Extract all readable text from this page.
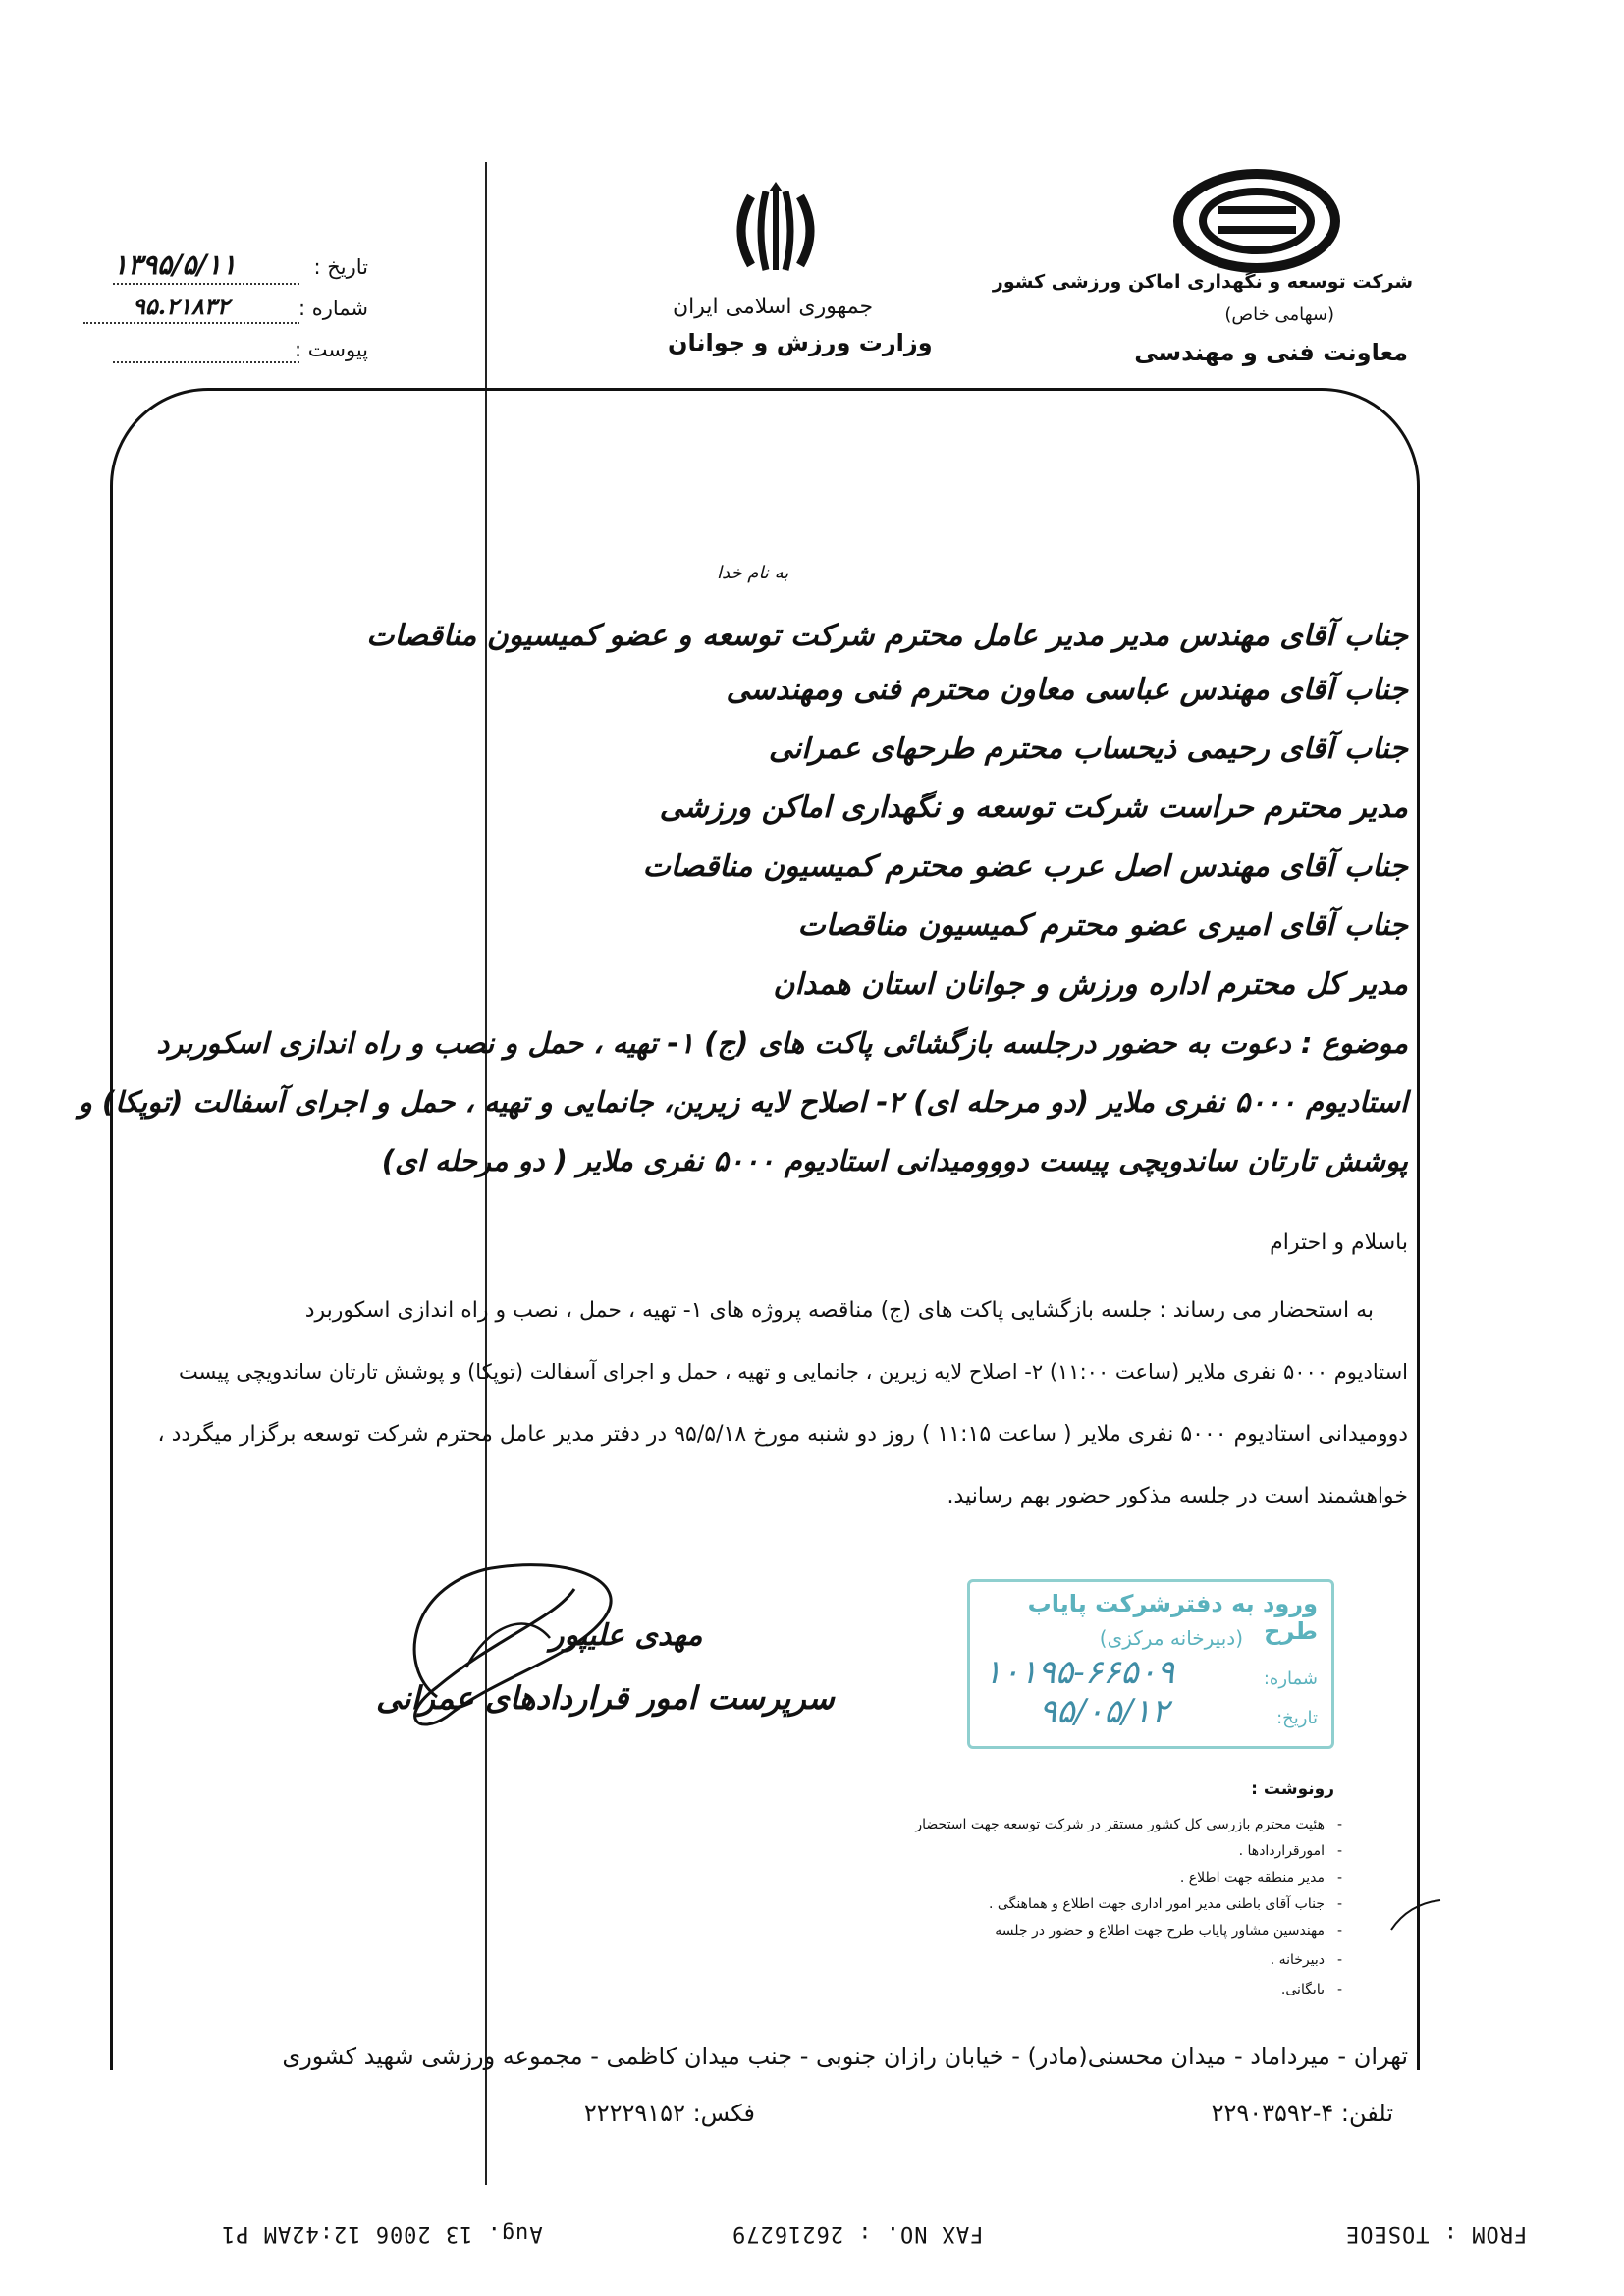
شرکت توسعه و نگهداری اماکن ورزشی کشور
(سهامی خاص)
معاونت فنی و مهندسی
جمهوری اسلامی ایران
وزارت ورزش و جوانان
تاریخ :
۱۳۹۵/۵/۱۱
شماره :
۹۵.۲۱۸۳۲
پیوست :
به نام خدا
جناب آقای مهندس مدیر مدیر عامل محترم شرکت توسعه و عضو کمیسیون مناقصات
جناب آقای مهندس عباسی معاون محترم فنی ومهندسی
جناب آقای رحیمی ذیحساب محترم طرحهای عمرانی
مدیر محترم حراست شرکت توسعه و نگهداری اماکن ورزشی
جناب آقای مهندس اصل عرب عضو محترم کمیسیون مناقصات
جناب آقای امیری عضو محترم کمیسیون مناقصات
مدیر کل محترم اداره ورزش و جوانان استان همدان
موضوع : دعوت به حضور درجلسه بازگشائی پاکت های (ج) ۱- تهیه ، حمل و نصب و راه اندازی اسکوربرد
استادیوم ۵۰۰۰ نفری ملایر (دو مرحله ای) ۲- اصلاح لایه زیرین، جانمایی و تهیه ، حمل و اجرای آسفالت (توپکا) و
پوشش تارتان ساندویچی پیست دووومیدانی استادیوم ۵۰۰۰ نفری ملایر ( دو مرحله ای)
باسلام و احترام
به استحضار می رساند : جلسه بازگشایی پاکت های (ج) مناقصه پروژه های ۱- تهیه ، حمل ، نصب و راه اندازی اسکوربرد
استادیوم ۵۰۰۰ نفری ملایر (ساعت ۱۱:۰۰) ۲- اصلاح لایه زیرین ، جانمایی و تهیه ، حمل و اجرای آسفالت (توپکا) و پوشش تارتان ساندویچی پیست
دوومیدانی استادیوم ۵۰۰۰ نفری ملایر ( ساعت ۱۱:۱۵ ) روز دو شنبه مورخ ۹۵/۵/۱۸ در دفتر مدیر عامل محترم شرکت توسعه برگزار میگردد ،
خواهشمند است در جلسه مذکور حضور بهم رسانید.
مهدی علیپور
سرپرست امور قراردادهای عمرانی
ورود به دفترشرکت پایاب طرح
(دبیرخانه مرکزی)
شماره:
۱۰۱۹۵-۶۶۵۰۹
تاریخ:
۹۵/۰۵/۱۲
رونوشت :
-
هئیت محترم بازرسی کل کشور مستقر در شرکت توسعه جهت استحضار
-
امورقراردادها .
-
مدیر منطقه جهت اطلاع .
-
جناب آقای باطنی مدیر امور اداری جهت اطلاع و هماهنگی .
-
مهندسین مشاور پایاب طرح جهت اطلاع و حضور در جلسه
-
دبیرخانه .
-
بایگانی.
تهران - میرداماد - میدان محسنی(مادر) - خیابان رازان جنوبی - جنب میدان کاظمی - مجموعه ورزشی شهید کشوری
تلفن: ۴-۲۲۹۰۳۵۹۲
فکس: ۲۲۲۲۹۱۵۲
FROM : TOSEOE
FAX NO. : 26216279
Aug. 13 2006 12:42AM P1
